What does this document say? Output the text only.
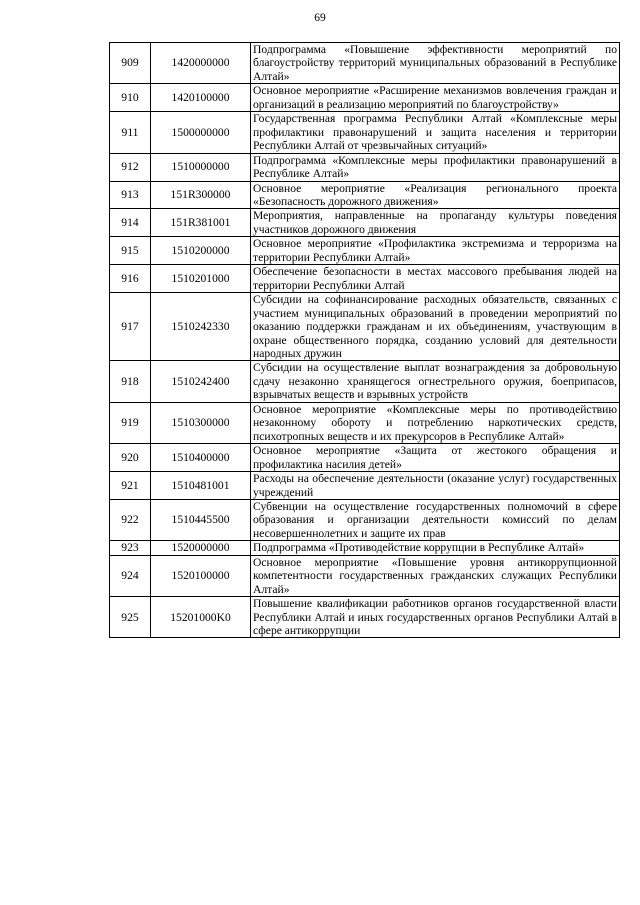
69
909	1420000000	Подпрограмма «Повышение эффективности мероприятий по благоустройству территорий муниципальных образований в Республике Алтай»
910	1420100000	Основное мероприятие «Расширение механизмов вовлечения граждан и организаций в реализацию мероприятий по благоустройству»
911	1500000000	Государственная программа Республики Алтай «Комплексные меры профилактики правонарушений и защита населения и территории Республики Алтай от чрезвычайных ситуаций»
912	1510000000	Подпрограмма «Комплексные меры профилактики правонарушений в Республике Алтай»
913	151R300000	Основное мероприятие «Реализация регионального проекта «Безопасность дорожного движения»
914	151R381001	Мероприятия, направленные на пропаганду культуры поведения участников дорожного движения
915	1510200000	Основное мероприятие «Профилактика экстремизма и терроризма на территории Республики Алтай»
916	1510201000	Обеспечение безопасности в местах массового пребывания людей на территории Республики Алтай
917	1510242330	Субсидии на софинансирование расходных обязательств, связанных с участием муниципальных образований в проведении мероприятий по оказанию поддержки гражданам и их объединениям, участвующим в охране общественного порядка, созданию условий для деятельности народных дружин
918	1510242400	Субсидии на осуществление выплат вознаграждения за добровольную сдачу незаконно хранящегося огнестрельного оружия, боеприпасов, взрывчатых веществ и взрывных устройств
919	1510300000	Основное мероприятие «Комплексные меры по противодействию незаконному обороту и потреблению наркотических средств, психотропных веществ и их прекурсоров в Республике Алтай»
920	1510400000	Основное мероприятие «Защита от жестокого обращения и профилактика насилия детей»
921	1510481001	Расходы на обеспечение деятельности (оказание услуг) государственных учреждений
922	1510445500	Субвенции на осуществление государственных полномочий в сфере образования и организации деятельности комиссий по делам несовершеннолетних и защите их прав
923	1520000000	Подпрограмма «Противодействие коррупции в Республике Алтай»
924	1520100000	Основное мероприятие «Повышение уровня антикоррупционной компетентности государственных гражданских служащих Республики Алтай»
925	15201000K0	Повышение квалификации работников органов государственной власти Республики Алтай и иных государственных органов Республики Алтай в сфере антикоррупции
